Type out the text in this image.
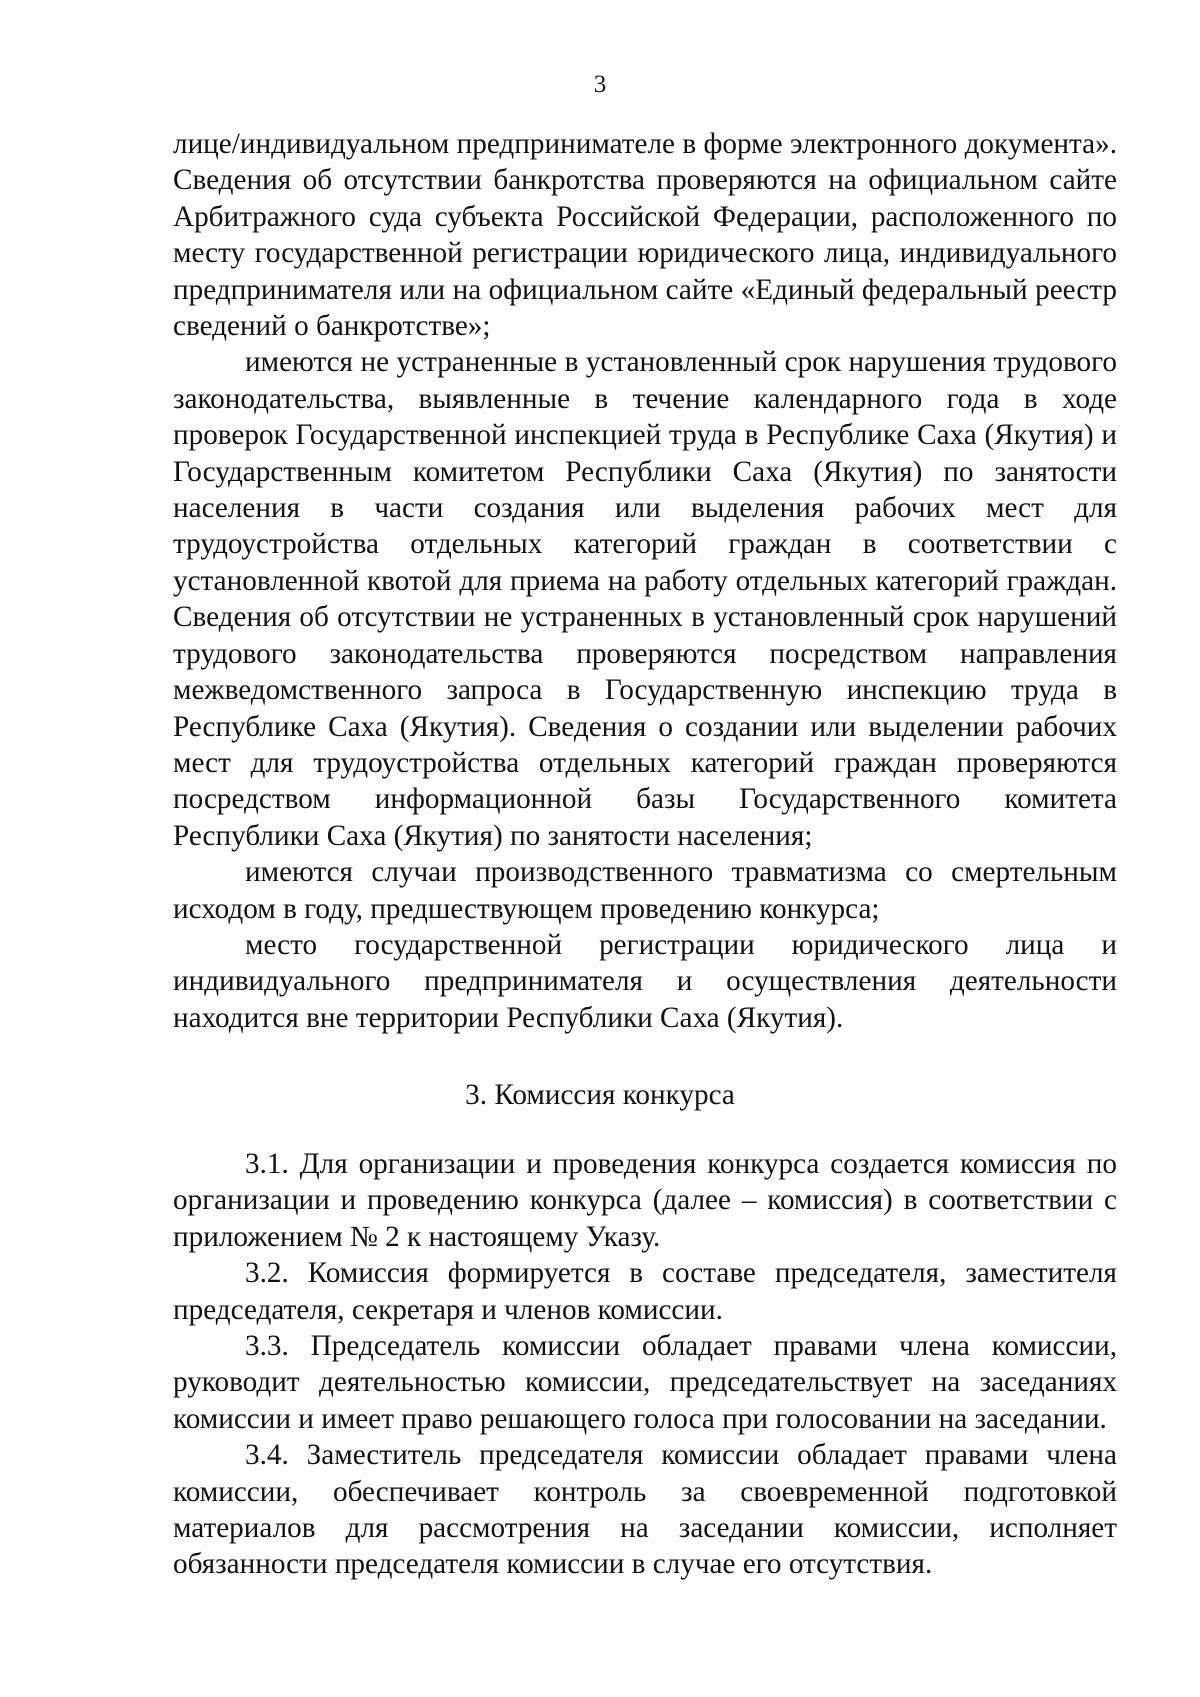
3

лице/индивидуальном предпринимателе в форме электронного документа». Сведения об отсутствии банкротства проверяются на официальном сайте Арбитражного суда субъекта Российской Федерации, расположенного по месту государственной регистрации юридического лица, индивидуального предпринимателя или на официальном сайте «Единый федеральный реестр сведений о банкротстве»;

имеются не устраненные в установленный срок нарушения трудового законодательства, выявленные в течение календарного года в ходе проверок Государственной инспекцией труда в Республике Саха (Якутия) и Государственным комитетом Республики Саха (Якутия) по занятости населения в части создания или выделения рабочих мест для трудоустройства отдельных категорий граждан в соответствии с установленной квотой для приема на работу отдельных категорий граждан. Сведения об отсутствии не устраненных в установленный срок нарушений трудового законодательства проверяются посредством направления межведомственного запроса в Государственную инспекцию труда в Республике Саха (Якутия). Сведения о создании или выделении рабочих мест для трудоустройства отдельных категорий граждан проверяются посредством информационной базы Государственного комитета Республики Саха (Якутия) по занятости населения;

имеются случаи производственного травматизма со смертельным исходом в году, предшествующем проведению конкурса;

место государственной регистрации юридического лица и индивидуального предпринимателя и осуществления деятельности находится вне территории Республики Саха (Якутия).

3. Комиссия конкурса

3.1. Для организации и проведения конкурса создается комиссия по организации и проведению конкурса (далее – комиссия) в соответствии с приложением № 2 к настоящему Указу.

3.2. Комиссия формируется в составе председателя, заместителя председателя, секретаря и членов комиссии.

3.3. Председатель комиссии обладает правами члена комиссии, руководит деятельностью комиссии, председательствует на заседаниях комиссии и имеет право решающего голоса при голосовании на заседании.

3.4. Заместитель председателя комиссии обладает правами члена комиссии, обеспечивает контроль за своевременной подготовкой материалов для рассмотрения на заседании комиссии, исполняет обязанности председателя комиссии в случае его отсутствия.
